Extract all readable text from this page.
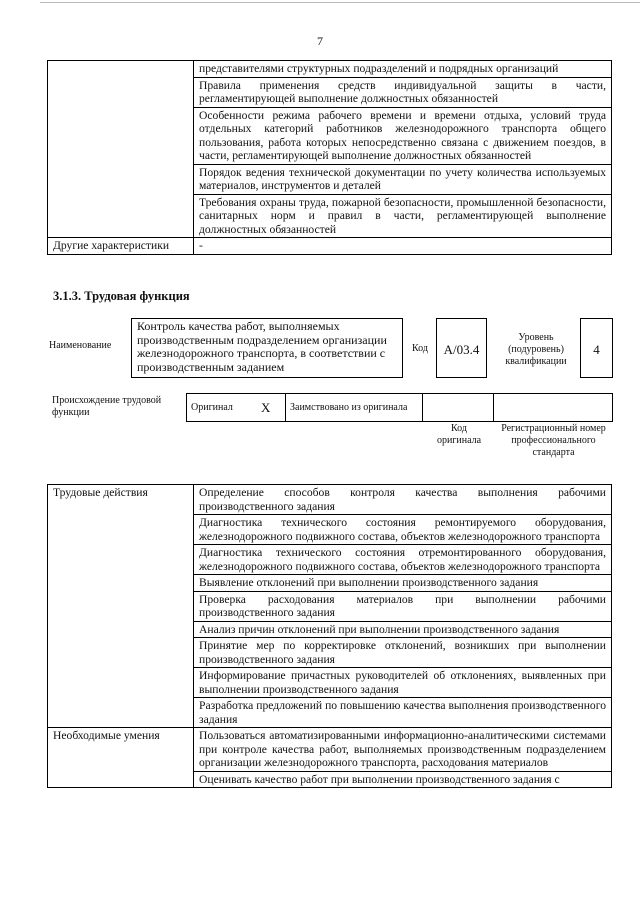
7
	представителями структурных подразделений и подрядных организаций
	Правила применения средств индивидуальной защиты в части, регламентирующей выполнение должностных обязанностей
	Особенности режима рабочего времени и времени отдыха, условий труда отдельных категорий работников железнодорожного транспорта общего пользования, работа которых непосредственно связана с движением поездов, в части, регламентирующей выполнение должностных обязанностей
	Порядок ведения технической документации по учету количества используемых материалов, инструментов и деталей
	Требования охраны труда, пожарной безопасности, промышленной безопасности, санитарных норм и правил в части, регламентирующей выполнение должностных обязанностей
Другие характеристики	-
3.1.3. Трудовая функция
Наименование
Контроль качества работ, выполняемых производственным подразделением организации железнодорожного транспорта, в соответствии с производственным заданием
Код	А/03.4
Уровень (подуровень) квалификации
4
Происхождение трудовой функции	Оригинал	X	Заимствовано из оригинала		
Код оригинала
Регистрационный номер профессионального стандарта
Трудовые действия	Определение способов контроля качества выполнения рабочими производственного задания
	Диагностика технического состояния ремонтируемого оборудования, железнодорожного подвижного состава, объектов железнодорожного транспорта
	Диагностика технического состояния отремонтированного оборудования, железнодорожного подвижного состава, объектов железнодорожного транспорта
	Выявление отклонений при выполнении производственного задания
	Проверка расходования материалов при выполнении рабочими производственного задания
	Анализ причин отклонений при выполнении производственного задания
	Принятие мер по корректировке отклонений, возникших при выполнении производственного задания
	Информирование причастных руководителей об отклонениях, выявленных при выполнении производственного задания
	Разработка предложений по повышению качества выполнения производственного задания
Необходимые умения	Пользоваться автоматизированными информационно-аналитическими системами при контроле качества работ, выполняемых производственным подразделением организации железнодорожного транспорта, расходования материалов
	Оценивать качество работ при выполнении производственного задания с
